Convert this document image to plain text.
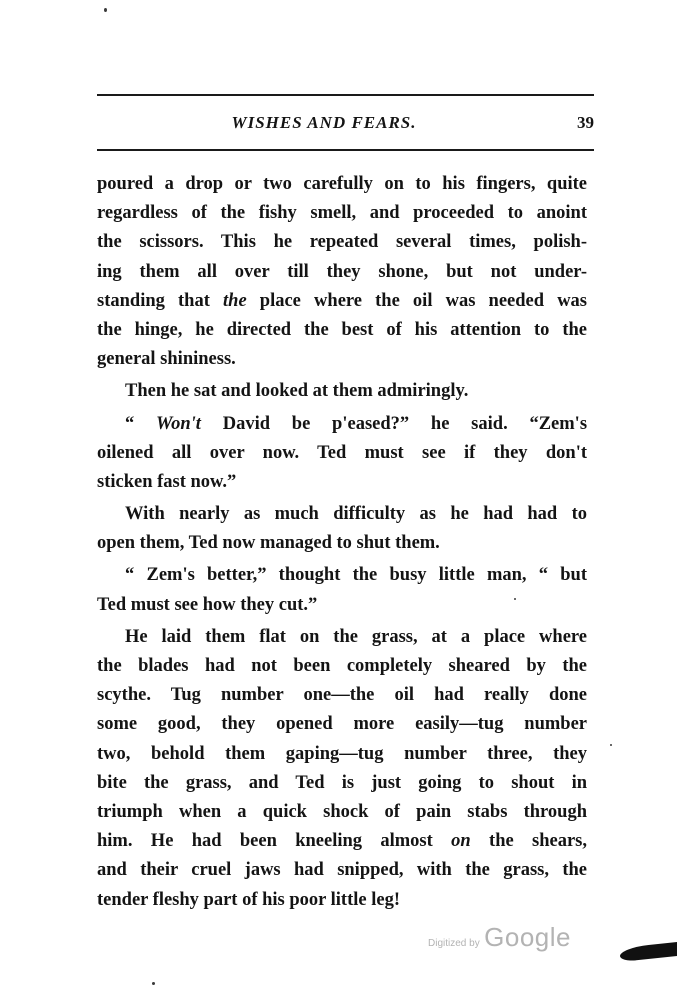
WISHES AND FEARS.	39
poured a drop or two carefully on to his fingers, quite
regardless of the fishy smell, and proceeded to anoint
the scissors. This he repeated several times, polish-
ing them all over till they shone, but not under-
standing that the place where the oil was needed was
the hinge, he directed the best of his attention to the
general shininess.
Then he sat and looked at them admiringly.
“ Won't David be p'eased?” he said. “Zem's
oilened all over now. Ted must see if they don't
sticken fast now.”
With nearly as much difficulty as he had had to
open them, Ted now managed to shut them.
“ Zem's better,” thought the busy little man, “ but
Ted must see how they cut.”
He laid them flat on the grass, at a place where
the blades had not been completely sheared by the
scythe. Tug number one—the oil had really done
some good, they opened more easily—tug number
two, behold them gaping—tug number three, they
bite the grass, and Ted is just going to shout in
triumph when a quick shock of pain stabs through
him. He had been kneeling almost on the shears,
and their cruel jaws had snipped, with the grass, the
tender fleshy part of his poor little leg!
Digitized by Google
